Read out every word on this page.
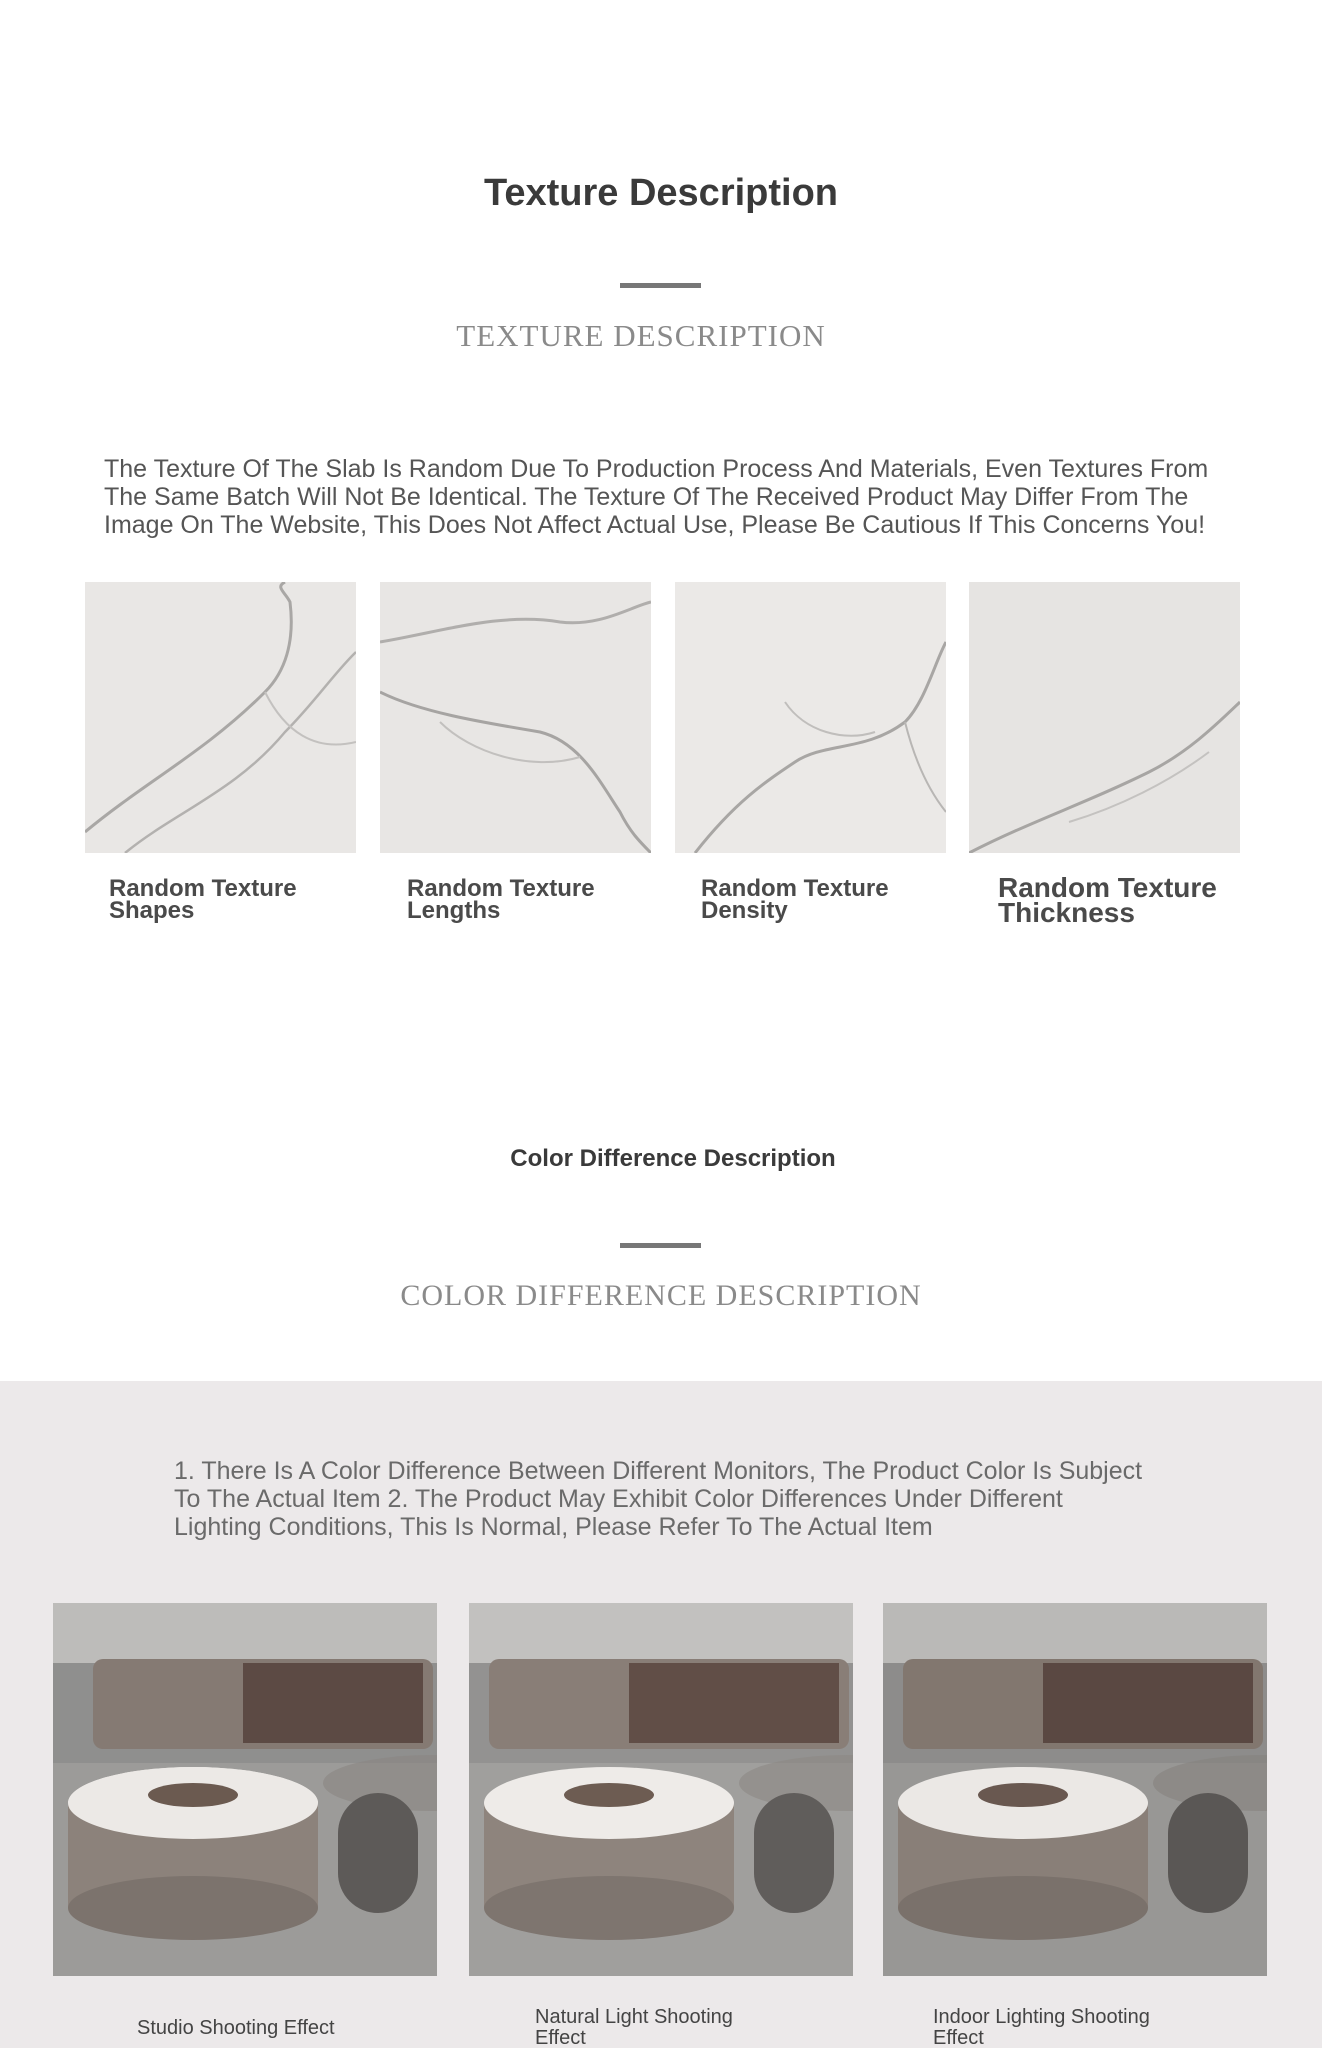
Texture Description
TEXTURE DESCRIPTION
The Texture Of The Slab Is Random Due To Production Process And Materials, Even Textures From The Same Batch Will Not Be Identical. The Texture Of The Received Product May Differ From The Image On The Website, This Does Not Affect Actual Use, Please Be Cautious If This Concerns You!
Random Texture
Shapes
Random Texture
Lengths
Random Texture
Density
Random Texture
Thickness
Color Difference Description
COLOR DIFFERENCE DESCRIPTION
1. There Is A Color Difference Between Different Monitors, The Product Color Is Subject To The Actual Item 2. The Product May Exhibit Color Differences Under Different Lighting Conditions, This Is Normal, Please Refer To The Actual Item
Studio Shooting Effect	Natural Light Shooting Effect
Indoor Lighting Shooting Effect
